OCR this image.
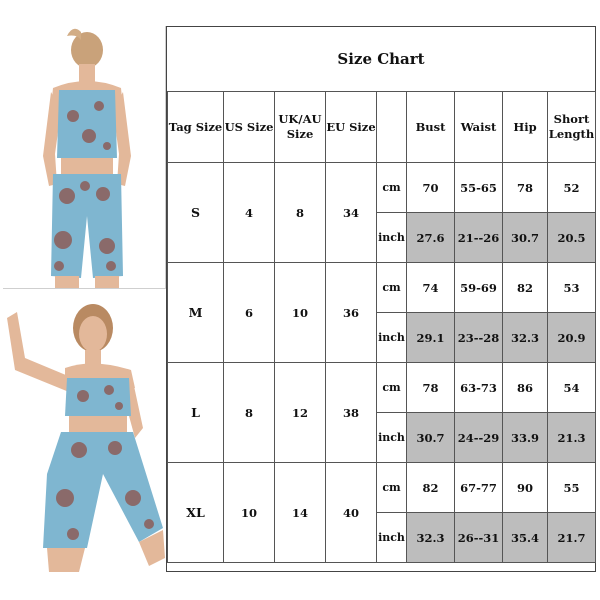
Size Chart
Tag Size	US Size	UK/AU Size	EU Size		Bust	Waist	Hip	Short Length
S	4	8	34	cm	70	55-65	78	52
				inch	27.6	21--26	30.7	20.5
M	6	10	36	cm	74	59-69	82	53
				inch	29.1	23--28	32.3	20.9
L	8	12	38	cm	78	63-73	86	54
				inch	30.7	24--29	33.9	21.3
XL	10	14	40	cm	82	67-77	90	55
				inch	32.3	26--31	35.4	21.7
